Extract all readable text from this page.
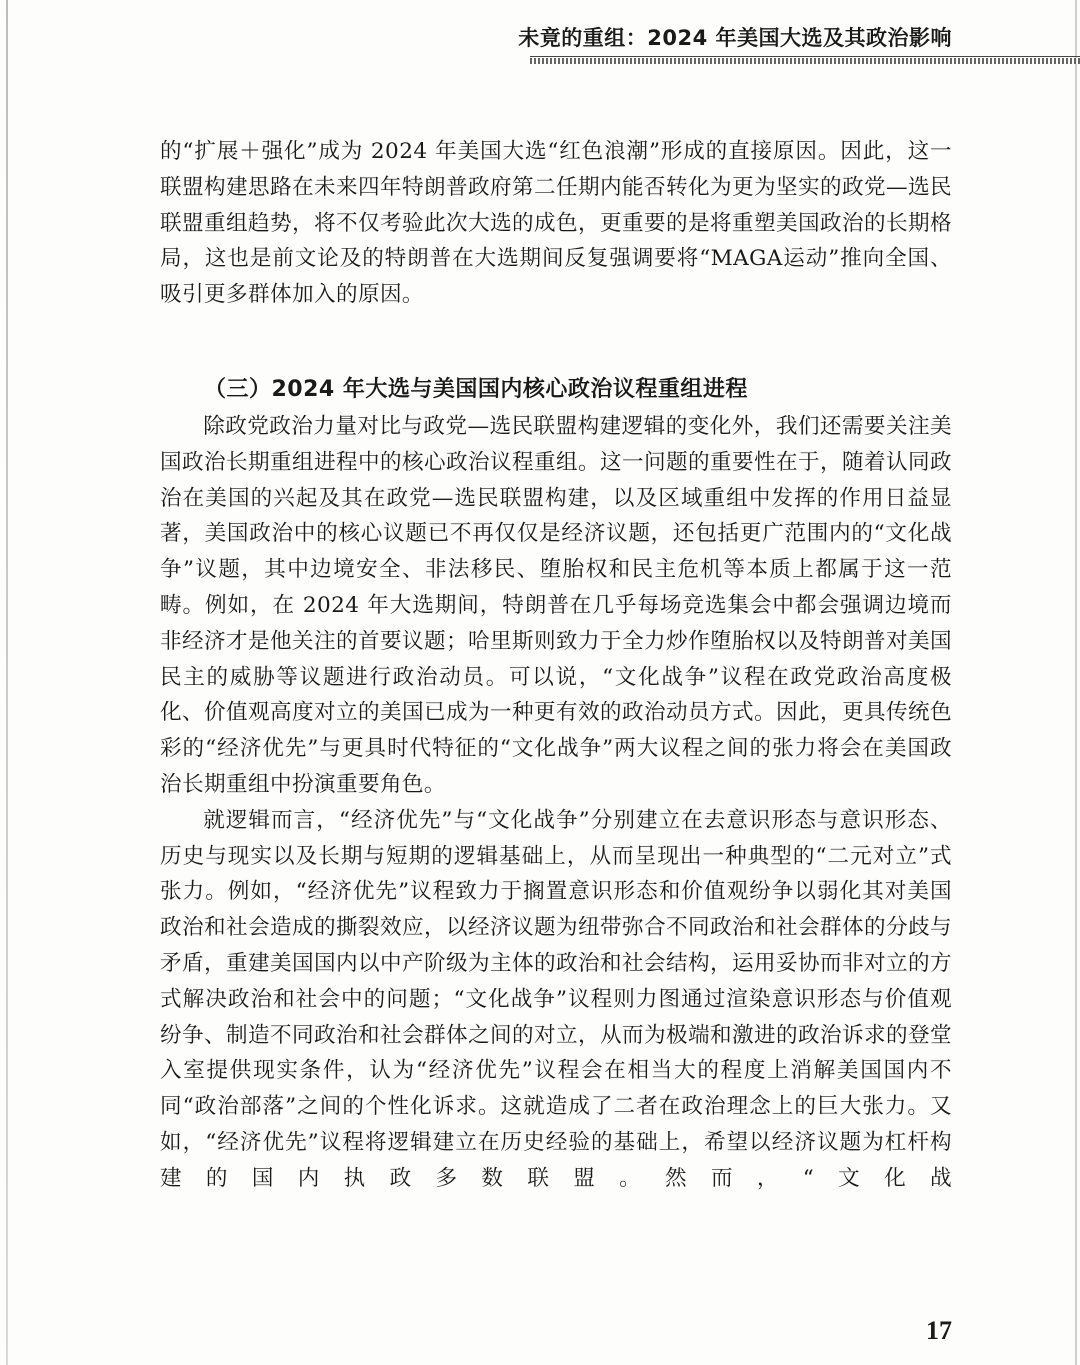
未竟的重组：2024 年美国大选及其政治影响

的“扩展＋强化”成为 2024 年美国大选“红色浪潮”形成的直接原因。因此，这一联盟构建思路在未来四年特朗普政府第二任期内能否转化为更为坚实的政党—选民联盟重组趋势，将不仅考验此次大选的成色，更重要的是将重塑美国政治的长期格局，这也是前文论及的特朗普在大选期间反复强调要将“MAGA运动”推向全国、吸引更多群体加入的原因。

（三）2024 年大选与美国国内核心政治议程重组进程

除政党政治力量对比与政党—选民联盟构建逻辑的变化外，我们还需要关注美国政治长期重组进程中的核心政治议程重组。这一问题的重要性在于，随着认同政治在美国的兴起及其在政党—选民联盟构建，以及区域重组中发挥的作用日益显著，美国政治中的核心议题已不再仅仅是经济议题，还包括更广范围内的“文化战争”议题，其中边境安全、非法移民、堕胎权和民主危机等本质上都属于这一范畴。例如，在 2024 年大选期间，特朗普在几乎每场竞选集会中都会强调边境而非经济才是他关注的首要议题；哈里斯则致力于全力炒作堕胎权以及特朗普对美国民主的威胁等议题进行政治动员。可以说，“文化战争”议程在政党政治高度极化、价值观高度对立的美国已成为一种更有效的政治动员方式。因此，更具传统色彩的“经济优先”与更具时代特征的“文化战争”两大议程之间的张力将会在美国政治长期重组中扮演重要角色。

就逻辑而言，“经济优先”与“文化战争”分别建立在去意识形态与意识形态、历史与现实以及长期与短期的逻辑基础上，从而呈现出一种典型的“二元对立”式张力。例如，“经济优先”议程致力于搁置意识形态和价值观纷争以弱化其对美国政治和社会造成的撕裂效应，以经济议题为纽带弥合不同政治和社会群体的分歧与矛盾，重建美国国内以中产阶级为主体的政治和社会结构，运用妥协而非对立的方式解决政治和社会中的问题；“文化战争”议程则力图通过渲染意识形态与价值观纷争、制造不同政治和社会群体之间的对立，从而为极端和激进的政治诉求的登堂入室提供现实条件，认为“经济优先”议程会在相当大的程度上消解美国国内不同“政治部落”之间的个性化诉求。这就造成了二者在政治理念上的巨大张力。又如，“经济优先”议程将逻辑建立在历史经验的基础上，希望以经济议题为杠杆构建的国内执政多数联盟。然而，“文化战

17
